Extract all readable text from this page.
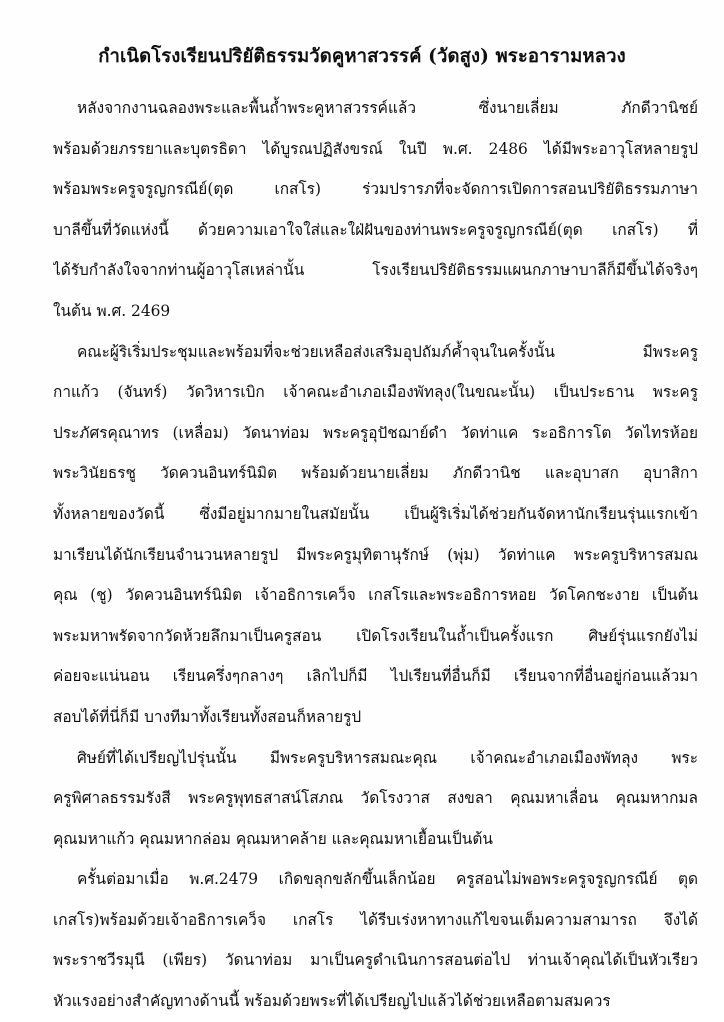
กำเนิดโรงเรียนปริยัติธรรมวัดคูหาสวรรค์ (วัดสูง) พระอารามหลวง
หลังจากงานฉลองพระและพื้นถ้ำพระคูหาสวรรค์แล้ว ซึ่งนายเลี่ยม ภักดีวานิชย์
พร้อมด้วยภรรยาและบุตรธิดา ได้บูรณปฏิสังขรณ์ ในปี พ.ศ. 2486 ได้มีพระอาวุโสหลายรูป
พร้อมพระครูจรูญกรณีย์(ตุด เกสโร) ร่วมปรารภที่จะจัดการเปิดการสอนปริยัติธรรมภาษา
บาลีขึ้นที่วัดแห่งนี้ ด้วยความเอาใจใส่และใฝ่ฝันของท่านพระครูจรูญกรณีย์(ตุด เกสโร) ที่
ได้รับกำลังใจจากท่านผู้อาวุโสเหล่านั้น โรงเรียนปริยัติธรรมแผนกภาษาบาลีก็มีขึ้นได้จริงๆ
ในต้น พ.ศ. 2469
คณะผู้ริเริ่มประชุมและพร้อมที่จะช่วยเหลือส่งเสริมอุปถัมภ์ค้ำจุนในครั้งนั้น มีพระครู
กาแก้ว (จันทร์) วัดวิหารเบิก เจ้าคณะอำเภอเมืองพัทลุง(ในขณะนั้น) เป็นประธาน พระครู
ประภัศรคุณาทร (เหลื่อม) วัดนาท่อม พระครูอุปัชฌาย์ดำ วัดท่าแค ระอธิการโต วัดไทรห้อย
พระวินัยธรชู วัดควนอินทร์นิมิต พร้อมด้วยนายเลี่ยม ภักดีวานิช และอุบาสก อุบาสิกา
ทั้งหลายของวัดนี้ ซึ่งมีอยู่มากมายในสมัยนั้น เป็นผู้ริเริ่มได้ช่วยกันจัดหานักเรียนรุ่นแรกเข้า
มาเรียนได้นักเรียนจำนวนหลายรูป มีพระครูมุทิตานุรักษ์ (พุ่ม) วัดท่าแค พระครูบริหารสมณ
คุณ (ชู) วัดควนอินทร์นิมิต เจ้าอธิการเคว็จ เกสโรและพระอธิการหอย วัดโคกชะงาย เป็นต้น
พระมหาพรัดจากวัดห้วยลึกมาเป็นครูสอน เปิดโรงเรียนในถ้ำเป็นครั้งแรก ศิษย์รุ่นแรกยังไม่
ค่อยจะแน่นอน เรียนครึ่งๆกลางๆ เลิกไปก็มี ไปเรียนที่อื่นก็มี เรียนจากที่อื่นอยู่ก่อนแล้วมา
สอบได้ที่นี่ก็มี บางทีมาทั้งเรียนทั้งสอนก็หลายรูป
ศิษย์ที่ได้เปรียญไปรุ่นนั้น มีพระครูบริหารสมณะคุณ เจ้าคณะอำเภอเมืองพัทลุง พระ
ครูพิศาลธรรมรังสี พระครูพุทธสาสน์โสภณ วัดโรงวาส สงขลา คุณมหาเลื่อน คุณมหากมล
คุณมหาแก้ว คุณมหากล่อม คุณมหาคล้าย และคุณมหาเยื้อนเป็นต้น
ครั้นต่อมาเมื่อ พ.ศ.2479 เกิดขลุกขลักขึ้นเล็กน้อย ครูสอนไม่พอพระครูจรูญกรณีย์ ตุด
เกสโร)พร้อมด้วยเจ้าอธิการเคว็จ เกสโร ได้รีบเร่งหาทางแก้ไขจนเต็มความสามารถ จึงได้
พระราชวีรมุนี (เพียร) วัดนาท่อม มาเป็นครูดำเนินการสอนต่อไป ท่านเจ้าคุณได้เป็นหัวเรียว
หัวแรงอย่างสำคัญทางด้านนี้ พร้อมด้วยพระที่ได้เปรียญไปแล้วได้ช่วยเหลือตามสมควร
